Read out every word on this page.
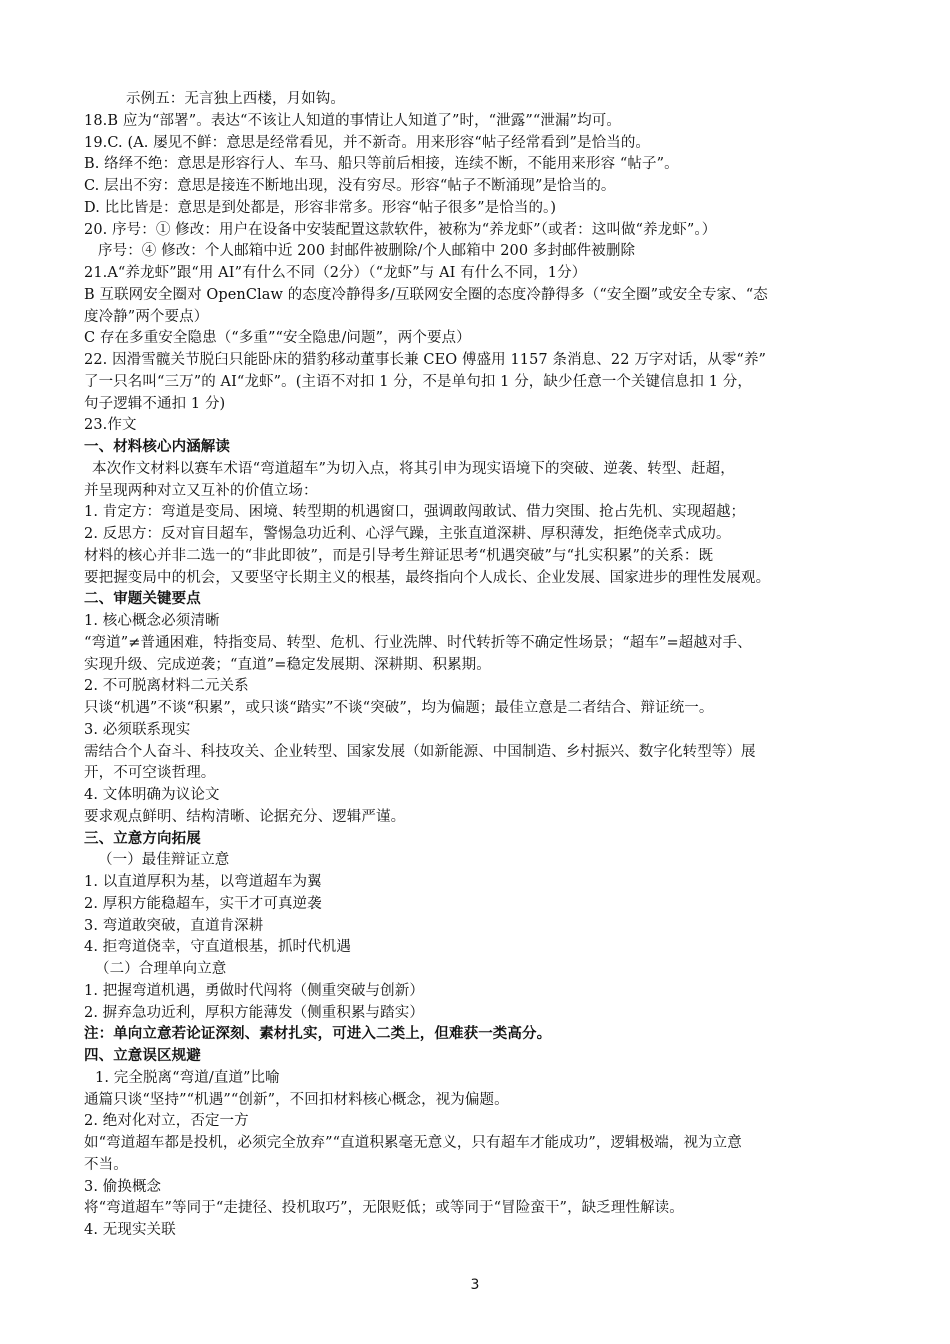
示例五：无言独上西楼，月如钩。

18.B 应为“部署”。表达“不该让人知道的事情让人知道了”时，“泄露”“泄漏”均可。

19.C. (A. 屡见不鲜：意思是经常看见，并不新奇。用来形容“帖子经常看到”是恰当的。

B. 络绎不绝：意思是形容行人、车马、船只等前后相接，连续不断，不能用来形容 “帖子”。

C. 层出不穷：意思是接连不断地出现，没有穷尽。形容“帖子不断涌现”是恰当的。

D. 比比皆是：意思是到处都是，形容非常多。形容“帖子很多”是恰当的。)

20. 序号：① 修改：用户在设备中安装配置这款软件，被称为“养龙虾”（或者：这叫做“养龙虾”。）

序号：④ 修改：个人邮箱中近 200 封邮件被删除/个人邮箱中 200 多封邮件被删除

21.A“养龙虾”跟“用 AI”有什么不同（2分）（“龙虾”与 AI 有什么不同，1分）

B 互联网安全圈对 OpenClaw 的态度冷静得多/互联网安全圈的态度冷静得多（“安全圈”或安全专家、“态

度冷静”两个要点）

C 存在多重安全隐患（“多重”“安全隐患/问题”，两个要点）

22. 因滑雪髋关节脱臼只能卧床的猎豹移动董事长兼 CEO 傅盛用 1157 条消息、22 万字对话，从零“养”

了一只名叫“三万”的 AI“龙虾”。(主语不对扣 1 分，不是单句扣 1 分，缺少任意一个关键信息扣 1 分，

句子逻辑不通扣 1 分)

23.作文

一、材料核心内涵解读

本次作文材料以赛车术语“弯道超车”为切入点，将其引申为现实语境下的突破、逆袭、转型、赶超，

并呈现两种对立又互补的价值立场：

1. 肯定方：弯道是变局、困境、转型期的机遇窗口，强调敢闯敢试、借力突围、抢占先机、实现超越；

2. 反思方：反对盲目超车，警惕急功近利、心浮气躁，主张直道深耕、厚积薄发，拒绝侥幸式成功。

材料的核心并非二选一的“非此即彼”，而是引导考生辩证思考“机遇突破”与“扎实积累”的关系：既

要把握变局中的机会，又要坚守长期主义的根基，最终指向个人成长、企业发展、国家进步的理性发展观。

二、审题关键要点

1. 核心概念必须清晰

“弯道”≠普通困难，特指变局、转型、危机、行业洗牌、时代转折等不确定性场景；“超车”=超越对手、

实现升级、完成逆袭；“直道”=稳定发展期、深耕期、积累期。

2. 不可脱离材料二元关系

只谈“机遇”不谈“积累”，或只谈“踏实”不谈“突破”，均为偏题；最佳立意是二者结合、辩证统一。

3. 必须联系现实

需结合个人奋斗、科技攻关、企业转型、国家发展（如新能源、中国制造、乡村振兴、数字化转型等）展

开，不可空谈哲理。

4. 文体明确为议论文

要求观点鲜明、结构清晰、论据充分、逻辑严谨。

三、立意方向拓展

（一）最佳辩证立意

1. 以直道厚积为基，以弯道超车为翼

2. 厚积方能稳超车，实干才可真逆袭

3. 弯道敢突破，直道肯深耕

4. 拒弯道侥幸，守直道根基，抓时代机遇

（二）合理单向立意

1. 把握弯道机遇，勇做时代闯将（侧重突破与创新）

2. 摒弃急功近利，厚积方能薄发（侧重积累与踏实）

注：单向立意若论证深刻、素材扎实，可进入二类上，但难获一类高分。

四、立意误区规避

1. 完全脱离“弯道/直道”比喻

通篇只谈“坚持”“机遇”“创新”，不回扣材料核心概念，视为偏题。

2. 绝对化对立，否定一方

如“弯道超车都是投机，必须完全放弃”“直道积累毫无意义，只有超车才能成功”，逻辑极端，视为立意

不当。

3. 偷换概念

将“弯道超车”等同于“走捷径、投机取巧”，无限贬低；或等同于“冒险蛮干”，缺乏理性解读。

4. 无现实关联

3
